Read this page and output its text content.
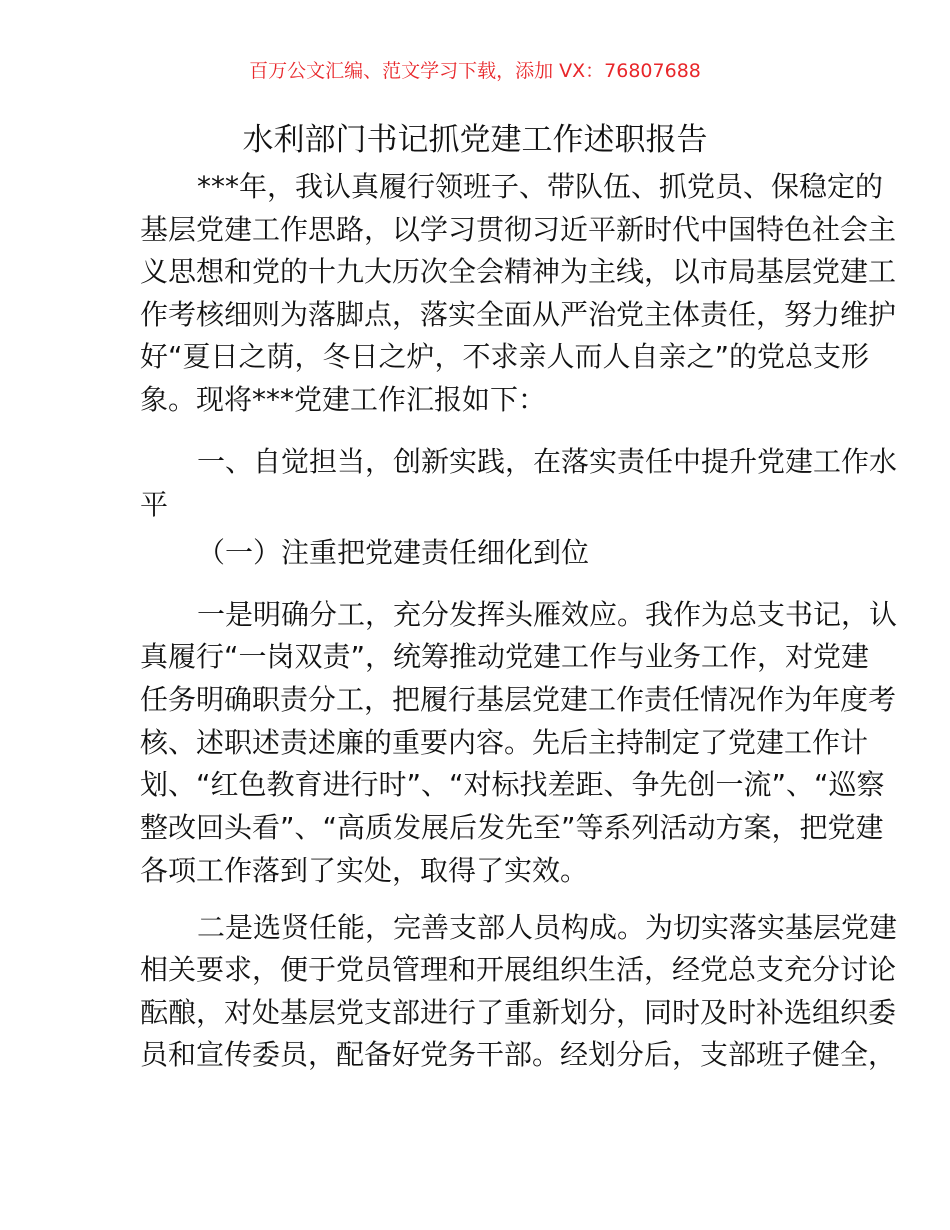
百万公文汇编、范文学习下载，添加 VX：76807688
水利部门书记抓党建工作述职报告
***年，我认真履行领班子、带队伍、抓党员、保稳定的
基层党建工作思路，以学习贯彻习近平新时代中国特色社会主
义思想和党的十九大历次全会精神为主线，以市局基层党建工
作考核细则为落脚点，落实全面从严治党主体责任，努力维护
好“夏日之荫，冬日之炉，不求亲人而人自亲之”的党总支形
象。现将***党建工作汇报如下：
一、自觉担当，创新实践，在落实责任中提升党建工作水
平
（一）注重把党建责任细化到位
一是明确分工，充分发挥头雁效应。我作为总支书记，认
真履行“一岗双责”，统筹推动党建工作与业务工作，对党建
任务明确职责分工，把履行基层党建工作责任情况作为年度考
核、述职述责述廉的重要内容。先后主持制定了党建工作计
划、“红色教育进行时”、“对标找差距、争先创一流”、“巡察
整改回头看”、“高质发展后发先至”等系列活动方案，把党建
各项工作落到了实处，取得了实效。
二是选贤任能，完善支部人员构成。为切实落实基层党建
相关要求，便于党员管理和开展组织生活，经党总支充分讨论
酝酿，对处基层党支部进行了重新划分，同时及时补选组织委
员和宣传委员，配备好党务干部。经划分后，支部班子健全，
